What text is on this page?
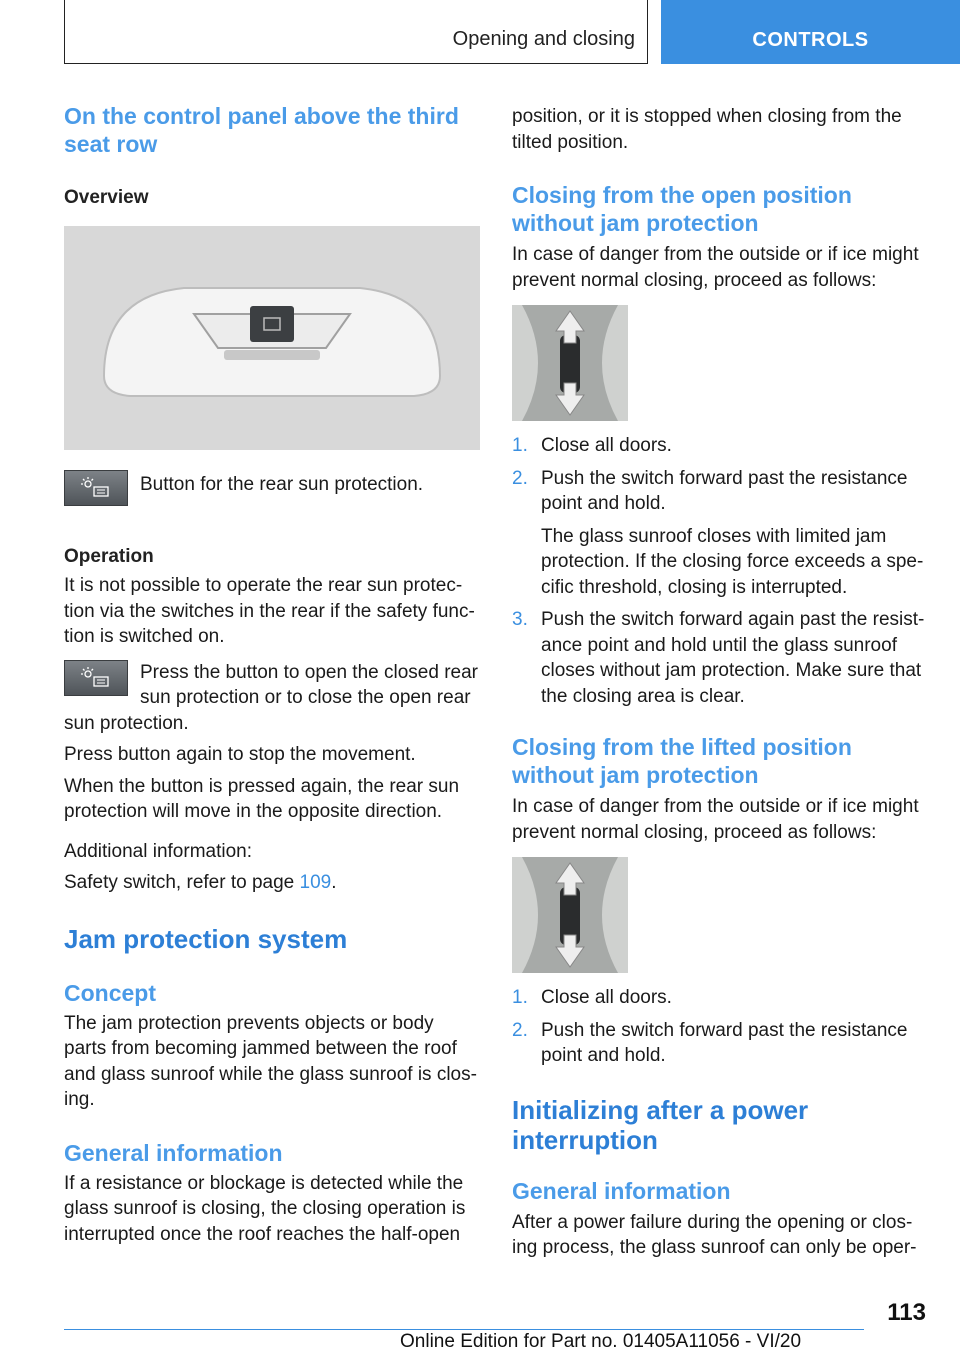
Opening and closing	CONTROLS
On the control panel above the third seat row
Overview

Button for the rear sun protection.

Operation

It is not possible to operate the rear sun protec-tion via the switches in the rear if the safety func-tion is switched on.

Press the button to open the closed rear sun protection or to close the open rear sun protection.

Press button again to stop the movement.

When the button is pressed again, the rear sun protection will move in the opposite direction.

Additional information:

Safety switch, refer to page 109.

Jam protection system
Concept

The jam protection prevents objects or body parts from becoming jammed between the roof and glass sunroof while the glass sunroof is clos-ing.

General information

If a resistance or blockage is detected while the glass sunroof is closing, the closing operation is interrupted once the roof reaches the half-open

position, or it is stopped when closing from the tilted position.

Closing from the open position without jam protection

In case of danger from the outside or if ice might prevent normal closing, proceed as follows:

1. Close all doors.
2. Push the switch forward past the resistance point and hold.
The glass sunroof closes with limited jam protection. If the closing force exceeds a spe-cific threshold, closing is interrupted.
3. Push the switch forward again past the resist-ance point and hold until the glass sunroof closes without jam protection. Make sure that the closing area is clear.
Closing from the lifted position without jam protection

In case of danger from the outside or if ice might prevent normal closing, proceed as follows:

1. Close all doors.
2. Push the switch forward past the resistance point and hold.
Initializing after a power interruption
General information

After a power failure during the opening or clos-ing process, the glass sunroof can only be oper-

113
Online Edition for Part no. 01405A11056 - VI/20
